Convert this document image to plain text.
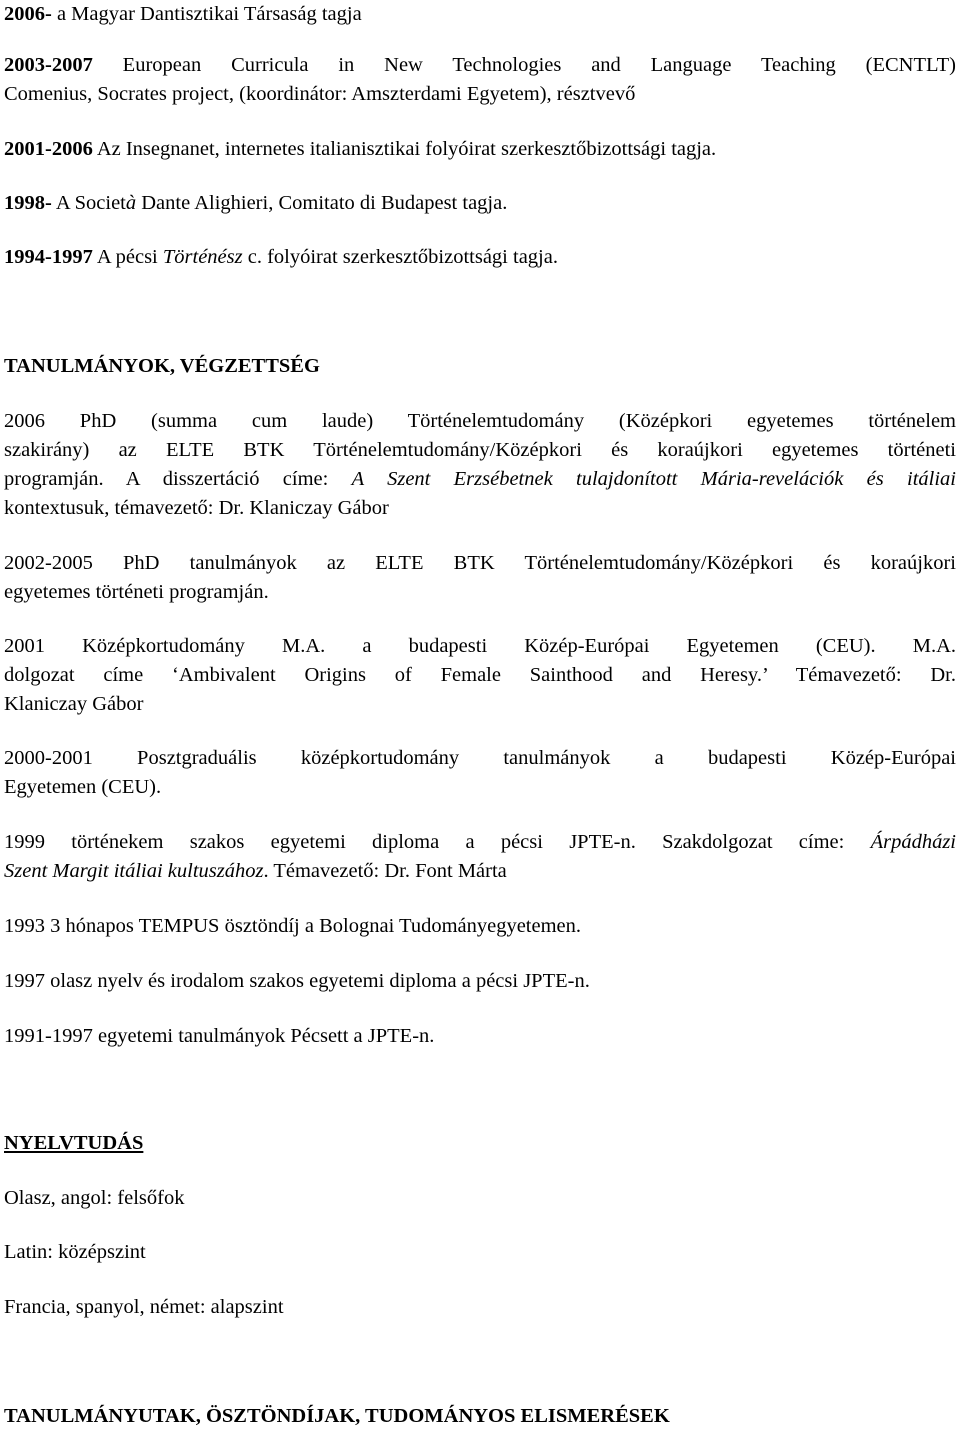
2006- a Magyar Dantisztikai Társaság tagja

2003-2007 European Curricula in New Technologies and Language Teaching (ECNTLT)
Comenius, Socrates project, (koordinátor: Amszterdami Egyetem), résztvevő

2001-2006 Az Insegnanet, internetes italianisztikai folyóirat szerkesztőbizottsági tagja.

1998- A Società Dante Alighieri, Comitato di Budapest tagja.

1994-1997 A pécsi Történész c. folyóirat szerkesztőbizottsági tagja.

TANULMÁNYOK, VÉGZETTSÉG

2006 PhD (summa cum laude) Történelemtudomány (Középkori egyetemes történelem
szakirány) az ELTE BTK Történelemtudomány/Középkori és koraújkori egyetemes történeti
programján. A disszertáció címe: A Szent Erzsébetnek tulajdonított Mária-revelációk és itáliai
kontextusuk, témavezető: Dr. Klaniczay Gábor

2002-2005 PhD tanulmányok az ELTE BTK Történelemtudomány/Középkori és koraújkori
egyetemes történeti programján.

2001 Középkortudomány M.A. a budapesti Közép-Európai Egyetemen (CEU). M.A.
dolgozat címe ‘Ambivalent Origins of Female Sainthood and Heresy.’ Témavezető: Dr.
Klaniczay Gábor

2000-2001 Posztgraduális középkortudomány tanulmányok a budapesti Közép-Európai
Egyetemen (CEU).

1999 történekem szakos egyetemi diploma a pécsi JPTE-n. Szakdolgozat címe: Árpádházi
Szent Margit itáliai kultuszához. Témavezető: Dr. Font Márta

1993 3 hónapos TEMPUS ösztöndíj a Bolognai Tudományegyetemen.

1997 olasz nyelv és irodalom szakos egyetemi diploma a pécsi JPTE-n.

1991-1997 egyetemi tanulmányok Pécsett a JPTE-n.

NYELVTUDÁS

Olasz, angol: felsőfok

Latin: középszint

Francia, spanyol, német: alapszint

TANULMÁNYUTAK, ÖSZTÖNDÍJAK, TUDOMÁNYOS ELISMERÉSEK
